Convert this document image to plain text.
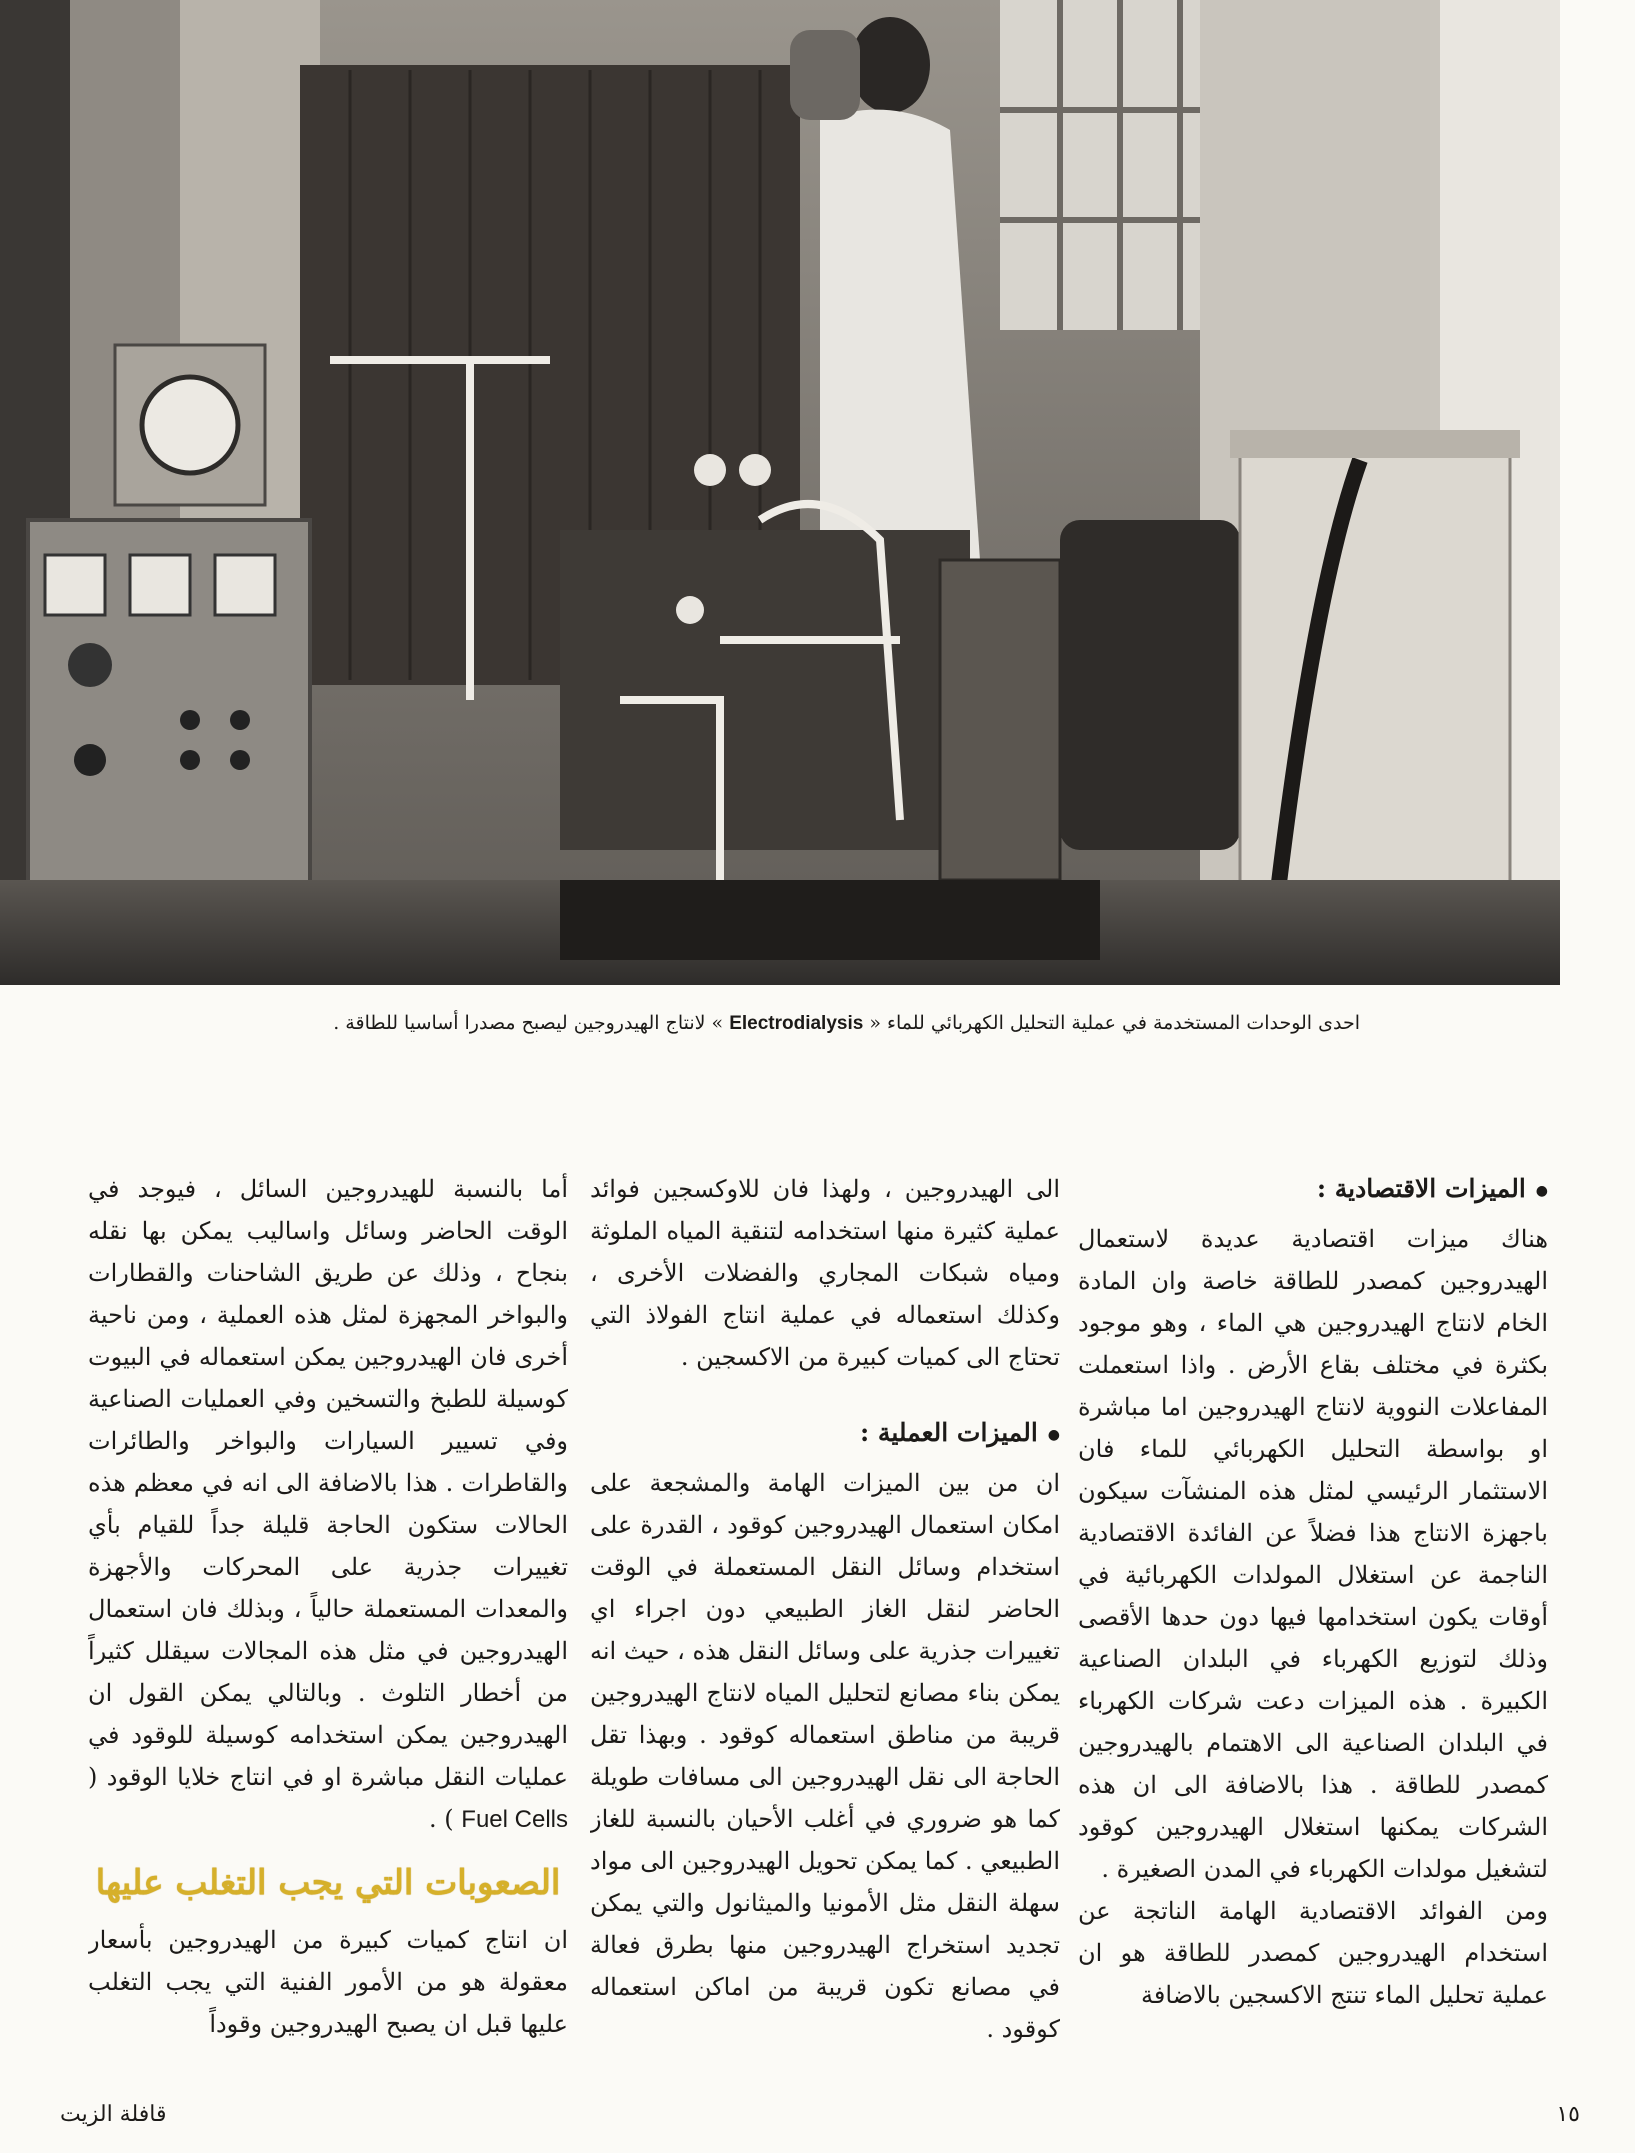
احدى الوحدات المستخدمة في عملية التحليل الكهربائي للماء « Electrodialysis » لانتاج الهيدروجين ليصبح مصدرا أساسيا للطاقة .
●الميزات الاقتصادية :

هناك ميزات اقتصادية عديدة لاستعمال الهيدروجين كمصدر للطاقة خاصة وان المادة الخام لانتاج الهيدروجين هي الماء ، وهو موجود بكثرة في مختلف بقاع الأرض . واذا استعملت المفاعلات النووية لانتاج الهيدروجين اما مباشرة او بواسطة التحليل الكهربائي للماء فان الاستثمار الرئيسي لمثل هذه المنشآت سيكون باجهزة الانتاج هذا فضلاً عن الفائدة الاقتصادية الناجمة عن استغلال المولدات الكهربائية في أوقات يكون استخدامها فيها دون حدها الأقصى وذلك لتوزيع الكهرباء في البلدان الصناعية الكبيرة . هذه الميزات دعت شركات الكهرباء في البلدان الصناعية الى الاهتمام بالهيدروجين كمصدر للطاقة . هذا بالاضافة الى ان هذه الشركات يمكنها استغلال الهيدروجين كوقود لتشغيل مولدات الكهرباء في المدن الصغيرة .

ومن الفوائد الاقتصادية الهامة الناتجة عن استخدام الهيدروجين كمصدر للطاقة هو ان عملية تحليل الماء تنتج الاكسجين بالاضافة

الى الهيدروجين ، ولهذا فان للاوكسجين فوائد عملية كثيرة منها استخدامه لتنقية المياه الملوثة ومياه شبكات المجاري والفضلات الأخرى ، وكذلك استعماله في عملية انتاج الفولاذ التي تحتاج الى كميات كبيرة من الاكسجين .

●الميزات العملية :

ان من بين الميزات الهامة والمشجعة على امكان استعمال الهيدروجين كوقود ، القدرة على استخدام وسائل النقل المستعملة في الوقت الحاضر لنقل الغاز الطبيعي دون اجراء اي تغييرات جذرية على وسائل النقل هذه ، حيث انه يمكن بناء مصانع لتحليل المياه لانتاج الهيدروجين قريبة من مناطق استعماله كوقود . وبهذا تقل الحاجة الى نقل الهيدروجين الى مسافات طويلة كما هو ضروري في أغلب الأحيان بالنسبة للغاز الطبيعي . كما يمكن تحويل الهيدروجين الى مواد سهلة النقل مثل الأمونيا والميثانول والتي يمكن تجديد استخراج الهيدروجين منها بطرق فعالة في مصانع تكون قريبة من اماكن استعماله كوقود .

أما بالنسبة للهيدروجين السائل ، فيوجد في الوقت الحاضر وسائل واساليب يمكن بها نقله بنجاح ، وذلك عن طريق الشاحنات والقطارات والبواخر المجهزة لمثل هذه العملية ، ومن ناحية أخرى فان الهيدروجين يمكن استعماله في البيوت كوسيلة للطبخ والتسخين وفي العمليات الصناعية وفي تسيير السيارات والبواخر والطائرات والقاطرات . هذا بالاضافة الى انه في معظم هذه الحالات ستكون الحاجة قليلة جداً للقيام بأي تغييرات جذرية على المحركات والأجهزة والمعدات المستعملة حالياً ، وبذلك فان استعمال الهيدروجين في مثل هذه المجالات سيقلل كثيراً من أخطار التلوث . وبالتالي يمكن القول ان الهيدروجين يمكن استخدامه كوسيلة للوقود في عمليات النقل مباشرة او في انتاج خلايا الوقود ( Fuel Cells ) .

الصعوبات التي يجب التغلب عليها

ان انتاج كميات كبيرة من الهيدروجين بأسعار معقولة هو من الأمور الفنية التي يجب التغلب عليها قبل ان يصبح الهيدروجين وقوداً

قافلة الزيت	١٥
